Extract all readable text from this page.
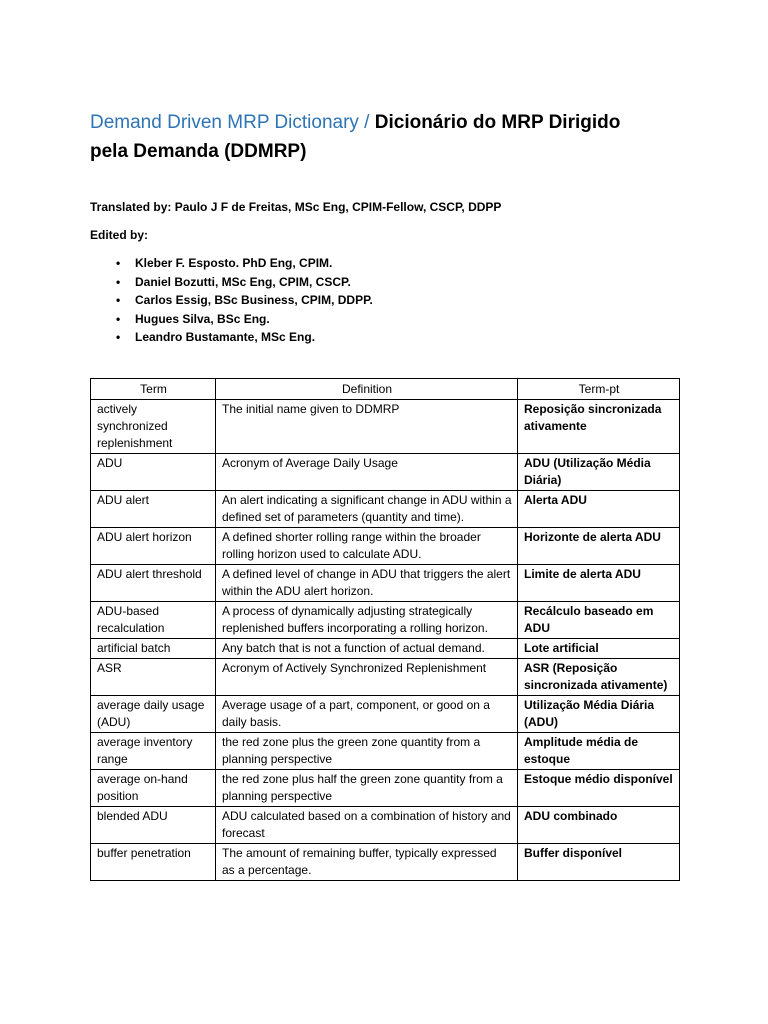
Demand Driven MRP Dictionary / Dicionário do MRP Dirigido pela Demanda (DDMRP)
Translated by: Paulo J F de Freitas, MSc Eng, CPIM-Fellow, CSCP, DDPP
Edited by:
• Kleber F. Esposto. PhD Eng, CPIM.
• Daniel Bozutti, MSc Eng, CPIM, CSCP.
• Carlos Essig, BSc Business, CPIM, DDPP.
• Hugues Silva, BSc Eng.
• Leandro Bustamante, MSc Eng.
Term	Definition	Term-pt
actively synchronized replenishment	The initial name given to DDMRP	Reposição sincronizada ativamente
ADU	Acronym of Average Daily Usage	ADU (Utilização Média Diária)
ADU alert	An alert indicating a significant change in ADU within a defined set of parameters (quantity and time).	Alerta ADU
ADU alert horizon	A defined shorter rolling range within the broader rolling horizon used to calculate ADU.	Horizonte de alerta ADU
ADU alert threshold	A defined level of change in ADU that triggers the alert within the ADU alert horizon.	Limite de alerta ADU
ADU-based recalculation	A process of dynamically adjusting strategically replenished buffers incorporating a rolling horizon.	Recálculo baseado em ADU
artificial batch	Any batch that is not a function of actual demand.	Lote artificial
ASR	Acronym of Actively Synchronized Replenishment	ASR (Reposição sincronizada ativamente)
average daily usage (ADU)	Average usage of a part, component, or good on a daily basis.	Utilização Média Diária (ADU)
average inventory range	the red zone plus the green zone quantity from a planning perspective	Amplitude média de estoque
average on-hand position	the red zone plus half the green zone quantity from a planning perspective	Estoque médio disponível
blended ADU	ADU calculated based on a combination of history and forecast	ADU combinado
buffer penetration	The amount of remaining buffer, typically expressed as a percentage.	Buffer disponível
